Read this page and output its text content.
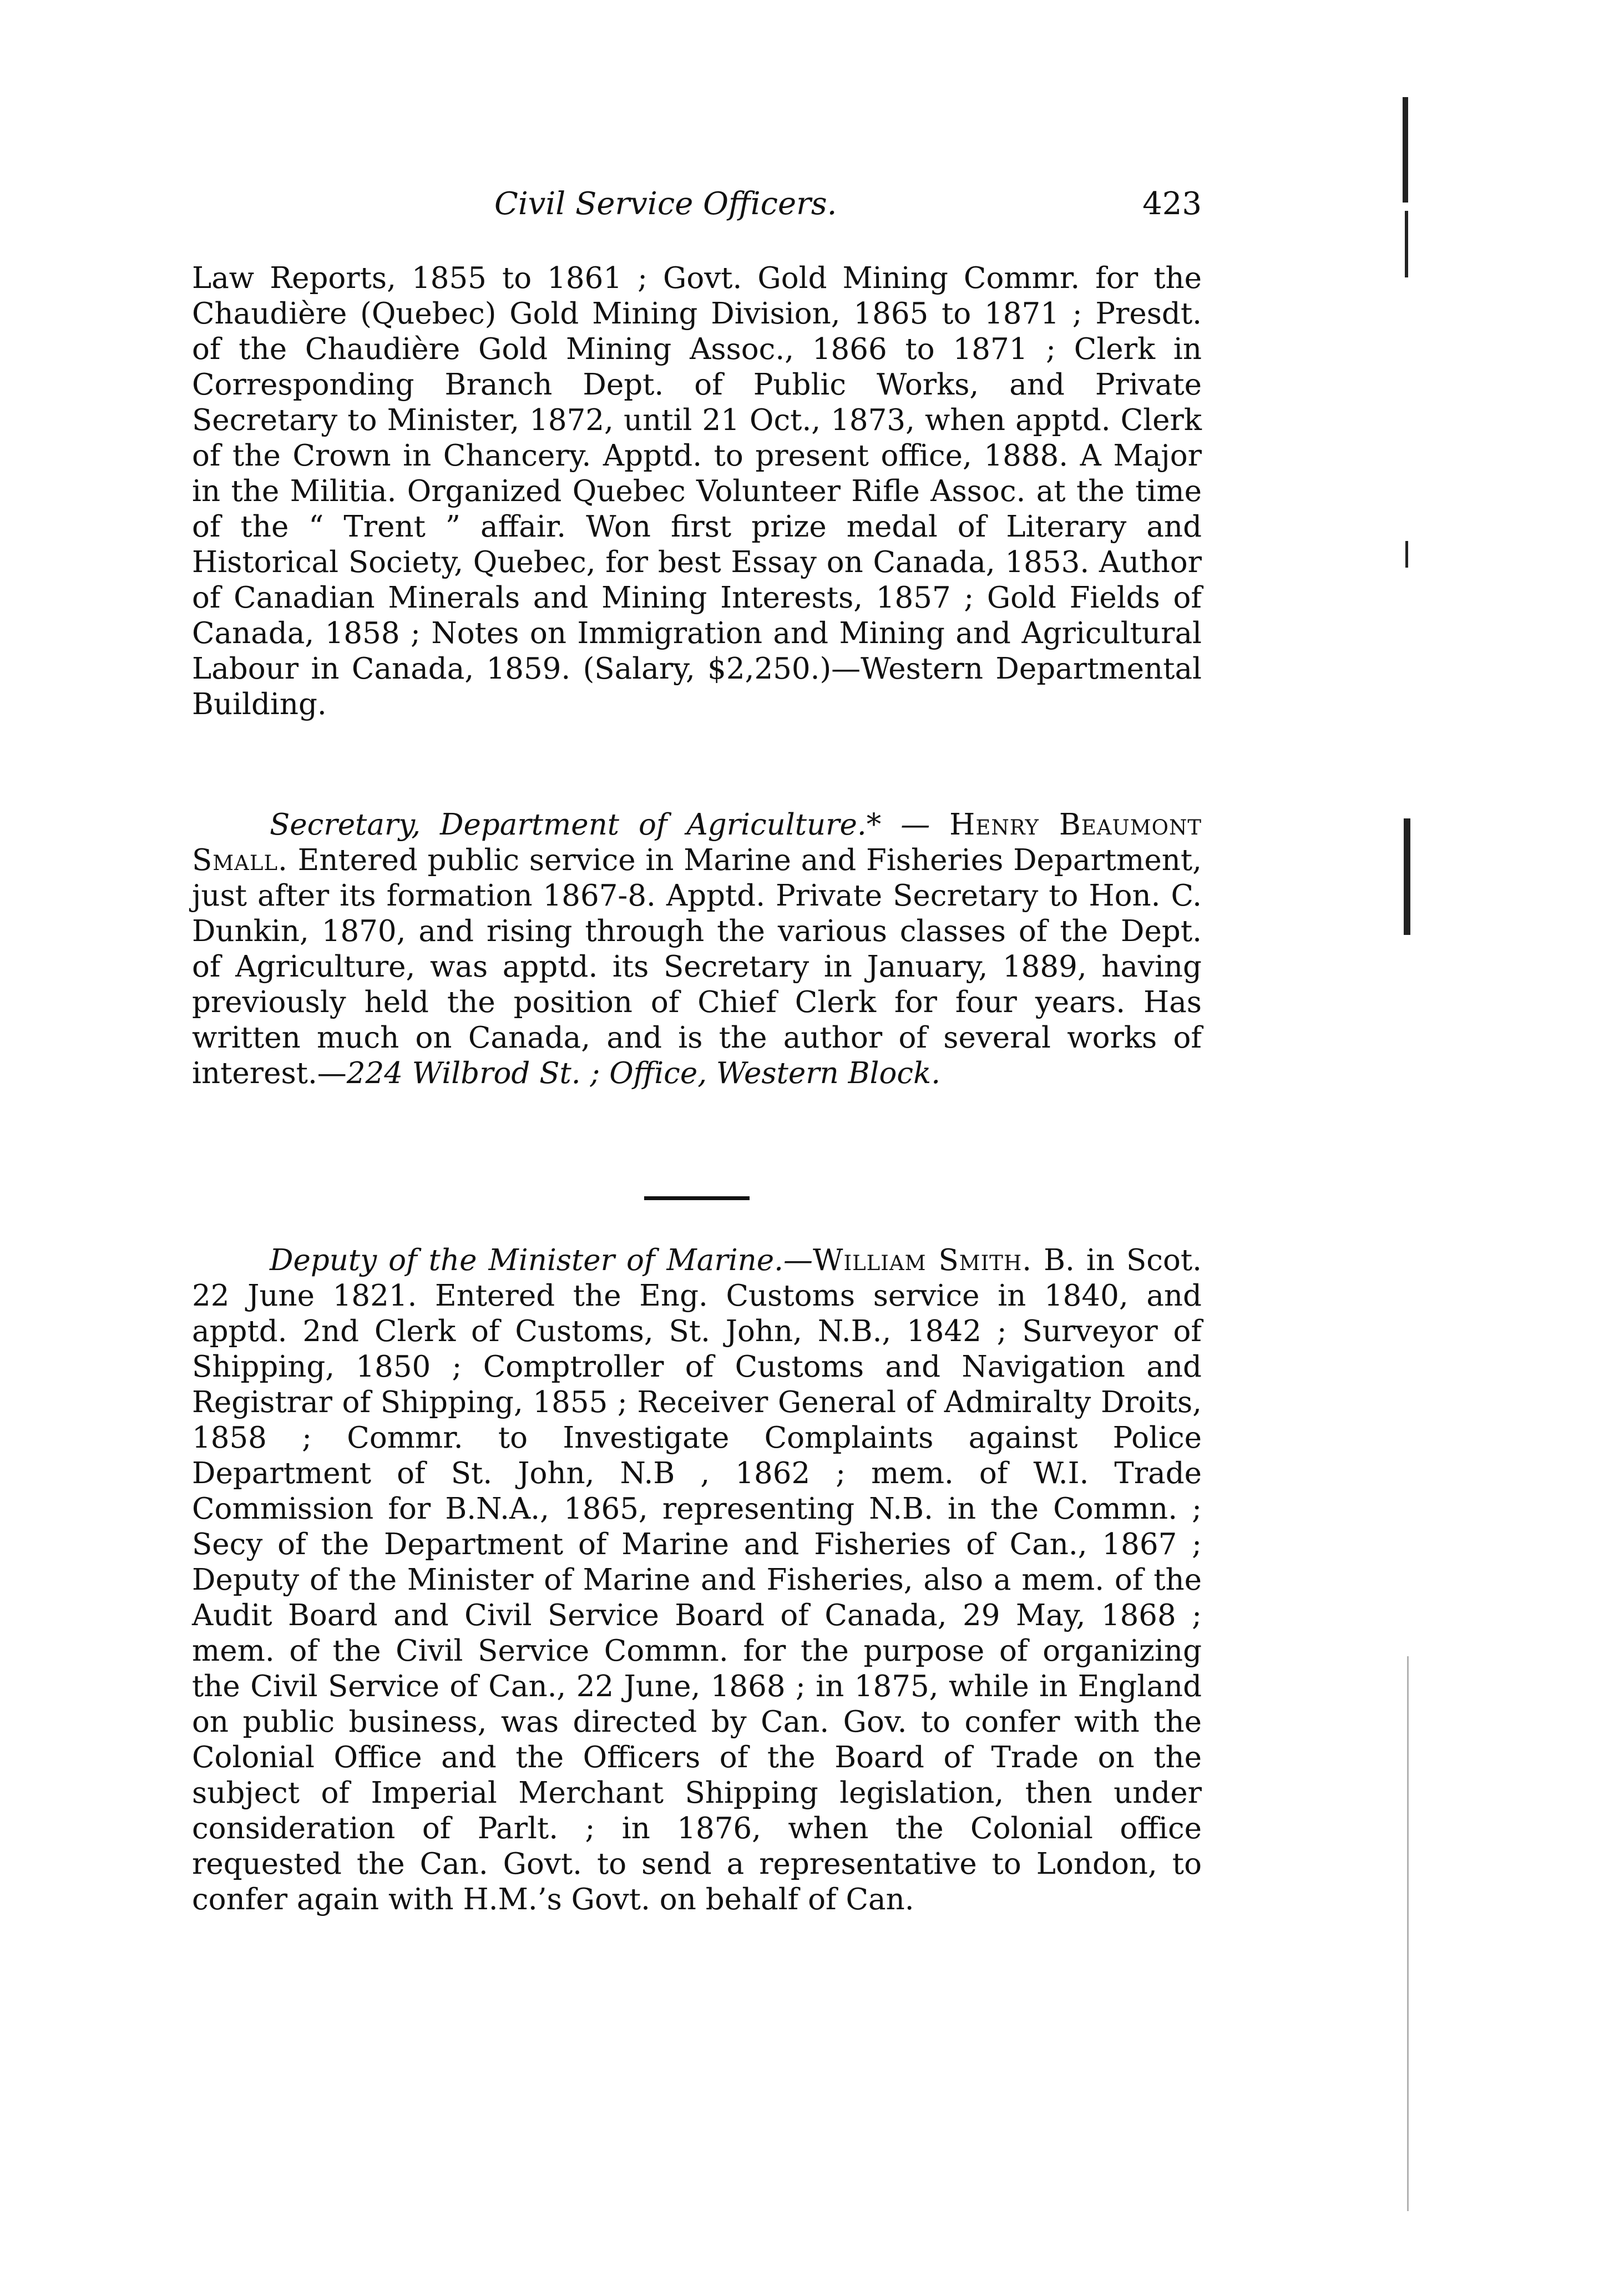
Civil Service Officers.	423

Law Reports, 1855 to 1861 ; Govt. Gold Mining Commr. for the Chaudière (Quebec) Gold Mining Division, 1865 to 1871 ; Presdt. of the Chaudière Gold Mining Assoc., 1866 to 1871 ; Clerk in Corresponding Branch Dept. of Public Works, and Private Secretary to Minister, 1872, until 21 Oct., 1873, when apptd. Clerk of the Crown in Chancery. Apptd. to present office, 1888. A Major in the Militia. Organized Quebec Volunteer Rifle Assoc. at the time of the “ Trent ” affair. Won first prize medal of Literary and Historical Society, Quebec, for best Essay on Canada, 1853. Author of Canadian Minerals and Mining Interests, 1857 ; Gold Fields of Canada, 1858 ; Notes on Immigration and Mining and Agricultural Labour in Canada, 1859. (Salary, $2,250.)—Western Departmental Building.

Secretary, Department of Agriculture.* — Henry Beaumont Small. Entered public service in Marine and Fisheries Department, just after its formation 1867-8. Apptd. Private Secretary to Hon. C. Dunkin, 1870, and rising through the various classes of the Dept. of Agriculture, was apptd. its Secretary in January, 1889, having previously held the position of Chief Clerk for four years. Has written much on Canada, and is the author of several works of interest.—224 Wilbrod St. ; Office, Western Block.

Deputy of the Minister of Marine.—William Smith. B. in Scot. 22 June 1821. Entered the Eng. Customs service in 1840, and apptd. 2nd Clerk of Customs, St. John, N.B., 1842 ; Surveyor of Shipping, 1850 ; Comptroller of Customs and Navigation and Registrar of Shipping, 1855 ; Receiver General of Admiralty Droits, 1858 ; Commr. to Investigate Complaints against Police Department of St. John, N.B , 1862 ; mem. of W.I. Trade Commission for B.N.A., 1865, representing N.B. in the Commn. ; Secy of the Department of Marine and Fisheries of Can., 1867 ; Deputy of the Minister of Marine and Fisheries, also a mem. of the Audit Board and Civil Service Board of Canada, 29 May, 1868 ; mem. of the Civil Service Commn. for the purpose of organizing the Civil Service of Can., 22 June, 1868 ; in 1875, while in England on public business, was directed by Can. Gov. to confer with the Colonial Office and the Officers of the Board of Trade on the subject of Imperial Merchant Shipping legislation, then under consideration of Parlt. ; in 1876, when the Colonial office requested the Can. Govt. to send a representative to London, to confer again with H.M.’s Govt. on behalf of Can.
